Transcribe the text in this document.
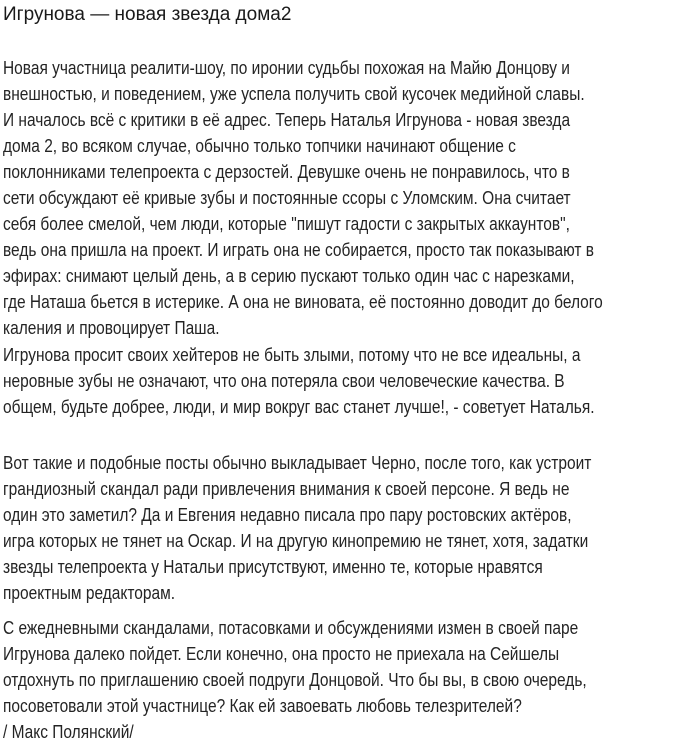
Игрунова — новая звезда дома2
Новая участница реалити-шоу, по иронии судьбы похожая на Майю Донцову и
внешностью, и поведением, уже успела получить свой кусочек медийной славы.
И началось всё с критики в её адрес. Теперь Наталья Игрунова - новая звезда
дома 2, во всяком случае, обычно только топчики начинают общение с
поклонниками телепроекта с дерзостей. Девушке очень не понравилось, что в
сети обсуждают её кривые зубы и постоянные ссоры с Уломским. Она считает
себя более смелой, чем люди, которые "пишут гадости с закрытых аккаунтов",
ведь она пришла на проект. И играть она не собирается, просто так показывают в
эфирах: снимают целый день, а в серию пускают только один час с нарезками,
где Наташа бьется в истерике. А она не виновата, её постоянно доводит до белого
каления и провоцирует Паша.
Игрунова просит своих хейтеров не быть злыми, потому что не все идеальны, а
неровные зубы не означают, что она потеряла свои человеческие качества. В
общем, будьте добрее, люди, и мир вокруг вас станет лучше!, - советует Наталья.
Вот такие и подобные посты обычно выкладывает Черно, после того, как устроит
грандиозный скандал ради привлечения внимания к своей персоне. Я ведь не
один это заметил? Да и Евгения недавно писала про пару ростовских актёров,
игра которых не тянет на Оскар. И на другую кинопремию не тянет, хотя, задатки
звезды телепроекта у Натальи присутствуют, именно те, которые нравятся
проектным редакторам.
С ежедневными скандалами, потасовками и обсуждениями измен в своей паре
Игрунова далеко пойдет. Если конечно, она просто не приехала на Сейшелы
отдохнуть по приглашению своей подруги Донцовой. Что бы вы, в свою очередь,
посоветовали этой участнице? Как ей завоевать любовь телезрителей?
/ Макс Полянский/
